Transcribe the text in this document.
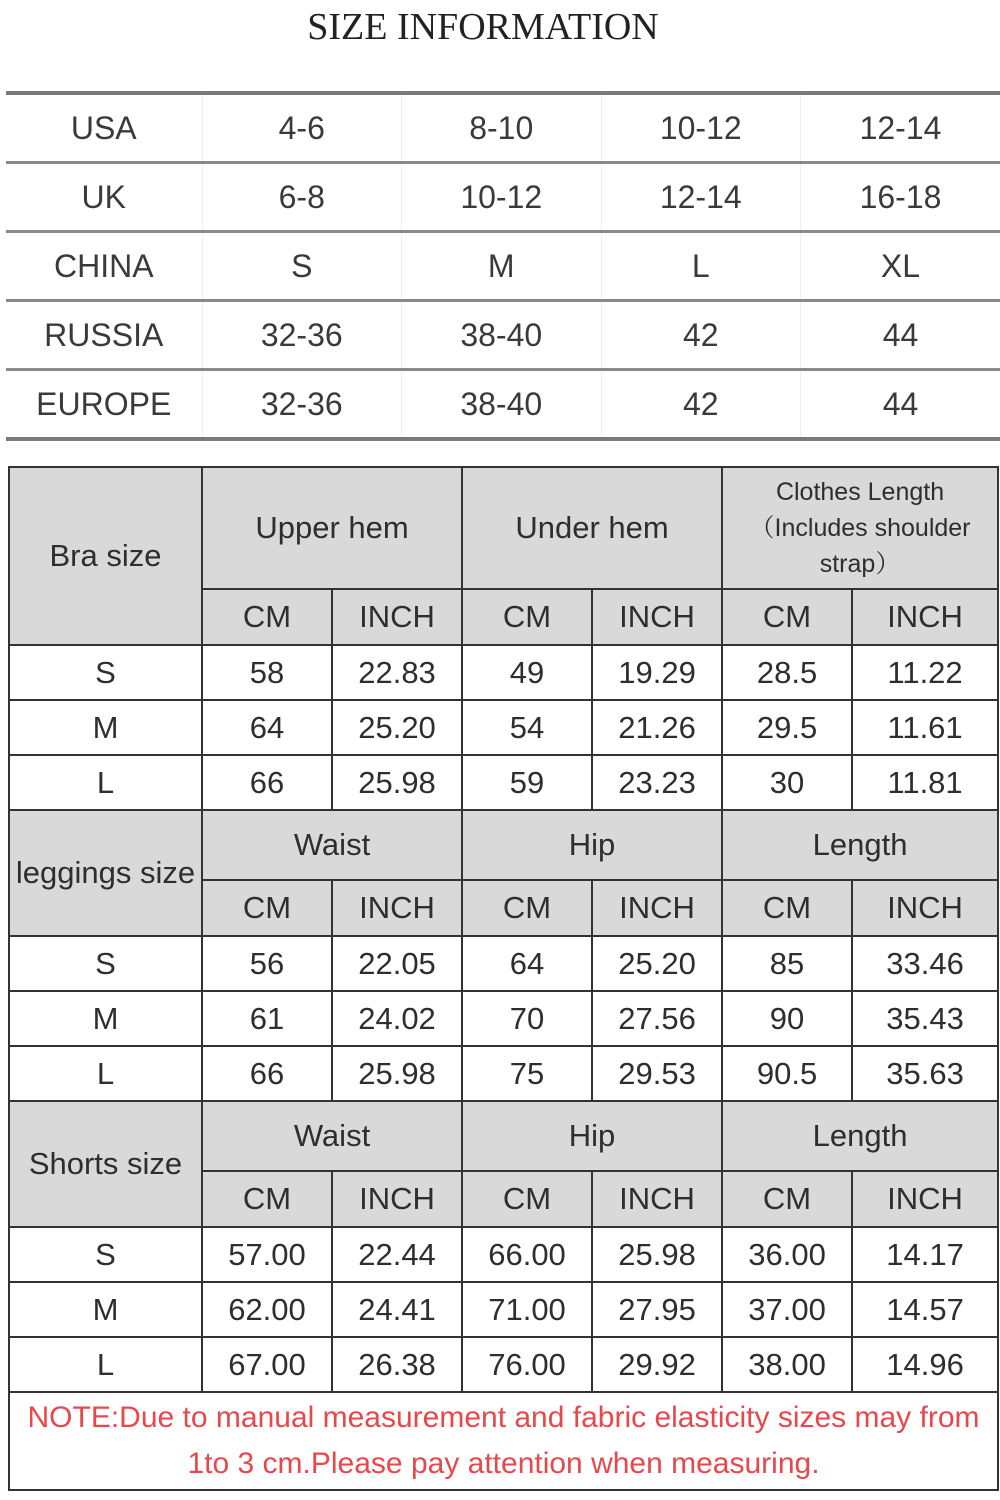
SIZE INFORMATION
USA	4-6	8-10	10-12	12-14
UK	6-8	10-12	12-14	16-18
CHINA	S	M	L	XL
RUSSIA	32-36	38-40	42	44
EUROPE	32-36	38-40	42	44
Bra size	Upper hem		Under hem		Clothes Length（Includes shoulder strap）	
	CM	INCH	CM	INCH	CM	INCH
S	58	22.83	49	19.29	28.5	11.22
M	64	25.20	54	21.26	29.5	11.61
L	66	25.98	59	23.23	30	11.81
leggings size	Waist		Hip		Length	
	CM	INCH	CM	INCH	CM	INCH
S	56	22.05	64	25.20	85	33.46
M	61	24.02	70	27.56	90	35.43
L	66	25.98	75	29.53	90.5	35.63
Shorts size	Waist		Hip		Length	
	CM	INCH	CM	INCH	CM	INCH
S	57.00	22.44	66.00	25.98	36.00	14.17
M	62.00	24.41	71.00	27.95	37.00	14.57
L	67.00	26.38	76.00	29.92	38.00	14.96
NOTE:Due to manual measurement and fabric elasticity sizes may from 1to 3 cm.Please pay attention when measuring.						
